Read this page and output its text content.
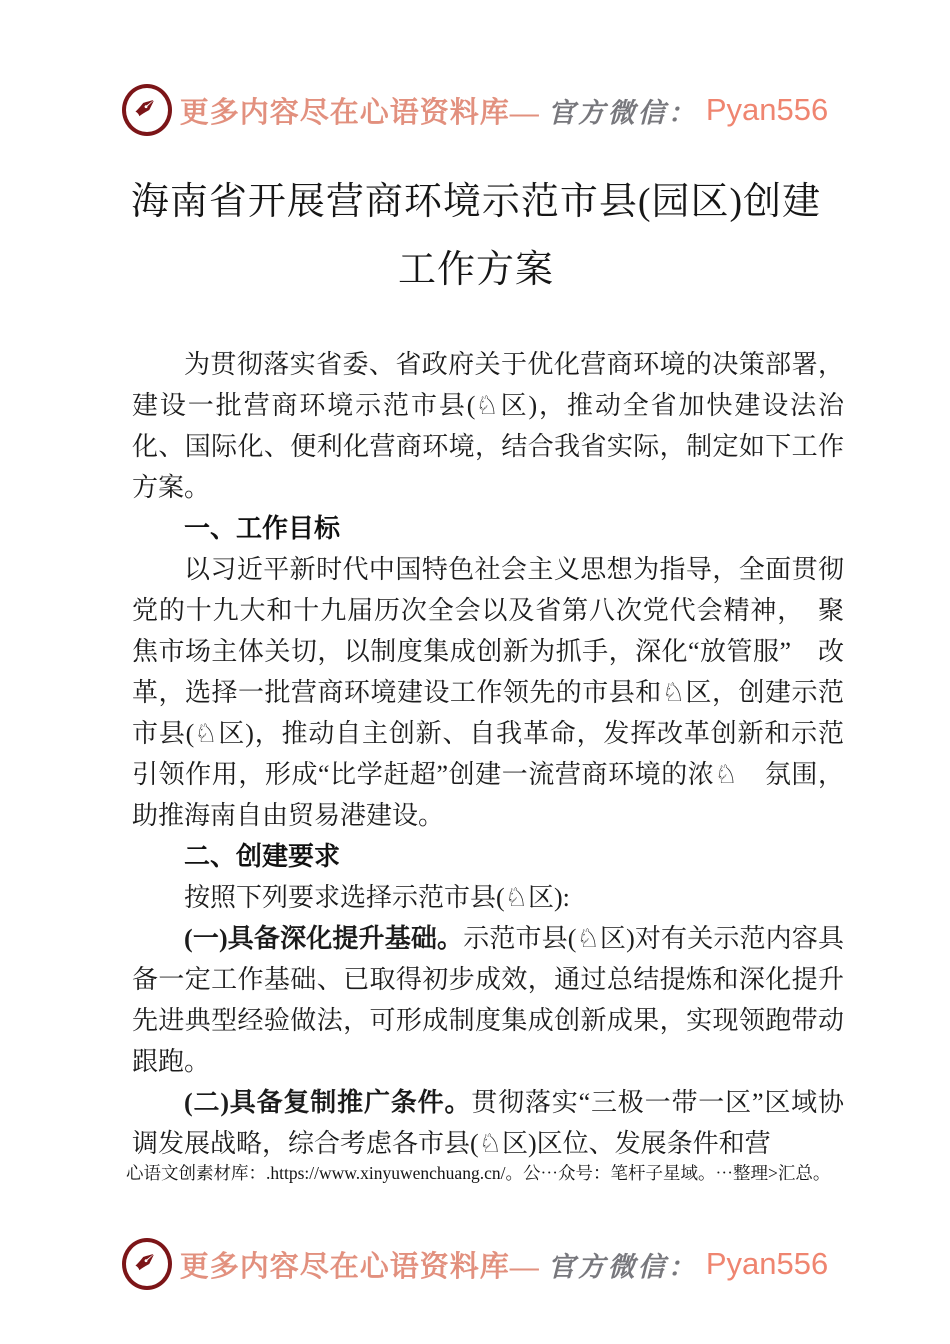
✒ 更多内容尽在心语资料库— 官方微信： Pyan556
海南省开展营商环境示范市县(园区)创建工作方案

为贯彻落实省委、省政府关于优化营商环境的决策部署，建设一批营商环境示范市县(♘区)，推动全省加快建设法治化、国际化、便利化营商环境，结合我省实际，制定如下工作方案。

一、工作目标

以习近平新时代中国特色社会主义思想为指导，全面贯彻党的十九大和十九届历次全会以及省第八次党代会精神，　聚焦市场主体关切，以制度集成创新为抓手，深化“放管服”　改革，选择一批营商环境建设工作领先的市县和♘区，创建示范市县(♘区)，推动自主创新、自我革命，发挥改革创新和示范引领作用，形成“比学赶超”创建一流营商环境的浓♘　氛围，助推海南自由贸易港建设。

二、创建要求

按照下列要求选择示范市县(♘区):

(一)具备深化提升基础。示范市县(♘区)对有关示范内容具备一定工作基础、已取得初步成效，通过总结提炼和深化提升先进典型经验做法，可形成制度集成创新成果，实现领跑带动跟跑。

(二)具备复制推广条件。贯彻落实“三极一带一区”区域协调发展战略，综合考虑各市县(♘区)区位、发展条件和营

心语文创素材库：.https://www.xinyuwenchuang.cn/。公⋯众号：笔杆子星域。⋯整理>汇总。
✒ 更多内容尽在心语资料库— 官方微信： Pyan556
